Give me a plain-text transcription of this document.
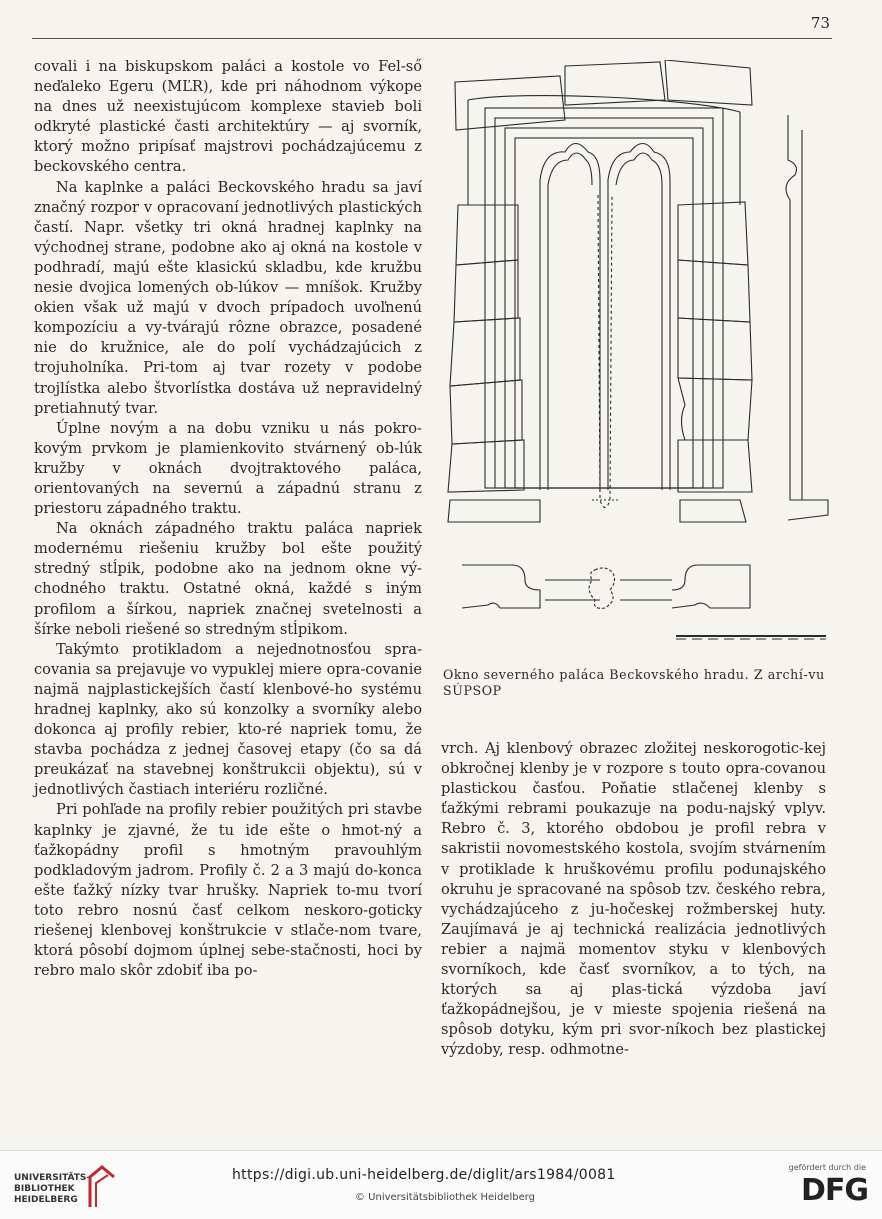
73

covali i na biskupskom paláci a kostole vo Fel-ső neďaleko Egeru (MĽR), kde pri náhodnom výkope na dnes už neexistujúcom komplexe stavieb boli odkryté plastické časti architektúry — aj svorník, ktorý možno pripísať majstrovi pochádzajúcemu z beckovského centra.

Na kaplnke a paláci Beckovského hradu sa javí značný rozpor v opracovaní jednotlivých plastických častí. Napr. všetky tri okná hradnej kaplnky na východnej strane, podobne ako aj okná na kostole v podhradí, majú ešte klasickú skladbu, kde kružbu nesie dvojica lomených ob-lúkov — mníšok. Kružby okien však už majú v dvoch prípadoch uvoľnenú kompozíciu a vy-tvárajú rôzne obrazce, posadené nie do kružnice, ale do polí vychádzajúcich z trojuholníka. Pri-tom aj tvar rozety v podobe trojlístka alebo štvorlístka dostáva už nepravidelný pretiahnutý tvar.

Úplne novým a na dobu vzniku u nás pokro-kovým prvkom je plamienkovito stvárnený ob-lúk kružby v oknách dvojtraktového paláca, orientovaných na severnú a západnú stranu z priestoru západného traktu.

Na oknách západného traktu paláca napriek modernému riešeniu kružby bol ešte použitý stredný stĺpik, podobne ako na jednom okne vý-chodného traktu. Ostatné okná, každé s iným profilom a šírkou, napriek značnej svetelnosti a šírke neboli riešené so stredným stĺpikom.

Takýmto protikladom a nejednotnosťou spra-covania sa prejavuje vo vypuklej miere opra-covanie najmä najplastickejších častí klenbové-ho systému hradnej kaplnky, ako sú konzolky a svorníky alebo dokonca aj profily rebier, kto-ré napriek tomu, že stavba pochádza z jednej časovej etapy (čo sa dá preukázať na stavebnej konštrukcii objektu), sú v jednotlivých častiach interiéru rozličné.

Pri pohľade na profily rebier použitých pri stavbe kaplnky je zjavné, že tu ide ešte o hmot-ný a ťažkopádny profil s hmotným pravouhlým podkladovým jadrom. Profily č. 2 a 3 majú do-konca ešte ťažký nízky tvar hrušky. Napriek to-mu tvorí toto rebro nosnú časť celkom neskoro-goticky riešenej klenbovej konštrukcie v stlače-nom tvare, ktorá pôsobí dojmom úplnej sebe-stačnosti, hoci by rebro malo skôr zdobiť iba po-

Okno severného paláca Beckovského hradu. Z archí-vu SÚPSOP

vrch. Aj klenbový obrazec zložitej neskorogotic-kej obkročnej klenby je v rozpore s touto opra-covanou plastickou časťou. Poňatie stlačenej klenby s ťažkými rebrami poukazuje na podu-najský vplyv. Rebro č. 3, ktorého obdobou je profil rebra v sakristii novomestského kostola, svojím stvárnením v protiklade k hruškovému profilu podunajského okruhu je spracované na spôsob tzv. českého rebra, vychádzajúceho z ju-hočeskej rožmberskej huty. Zaujímavá je aj technická realizácia jednotlivých rebier a najmä momentov styku v klenbových svorníkoch, kde časť svorníkov, a to tých, na ktorých sa aj plas-tická výzdoba javí ťažkopádnejšou, je v mieste spojenia riešená na spôsob dotyku, kým pri svor-níkoch bez plastickej výzdoby, resp. odhmotne-

UNIVERSITÄTS-
BIBLIOTHEK
HEIDELBERG
https://digi.ub.uni-heidelberg.de/diglit/ars1984/0081
© Universitätsbibliothek Heidelberg
gefördert durch die
DFG
